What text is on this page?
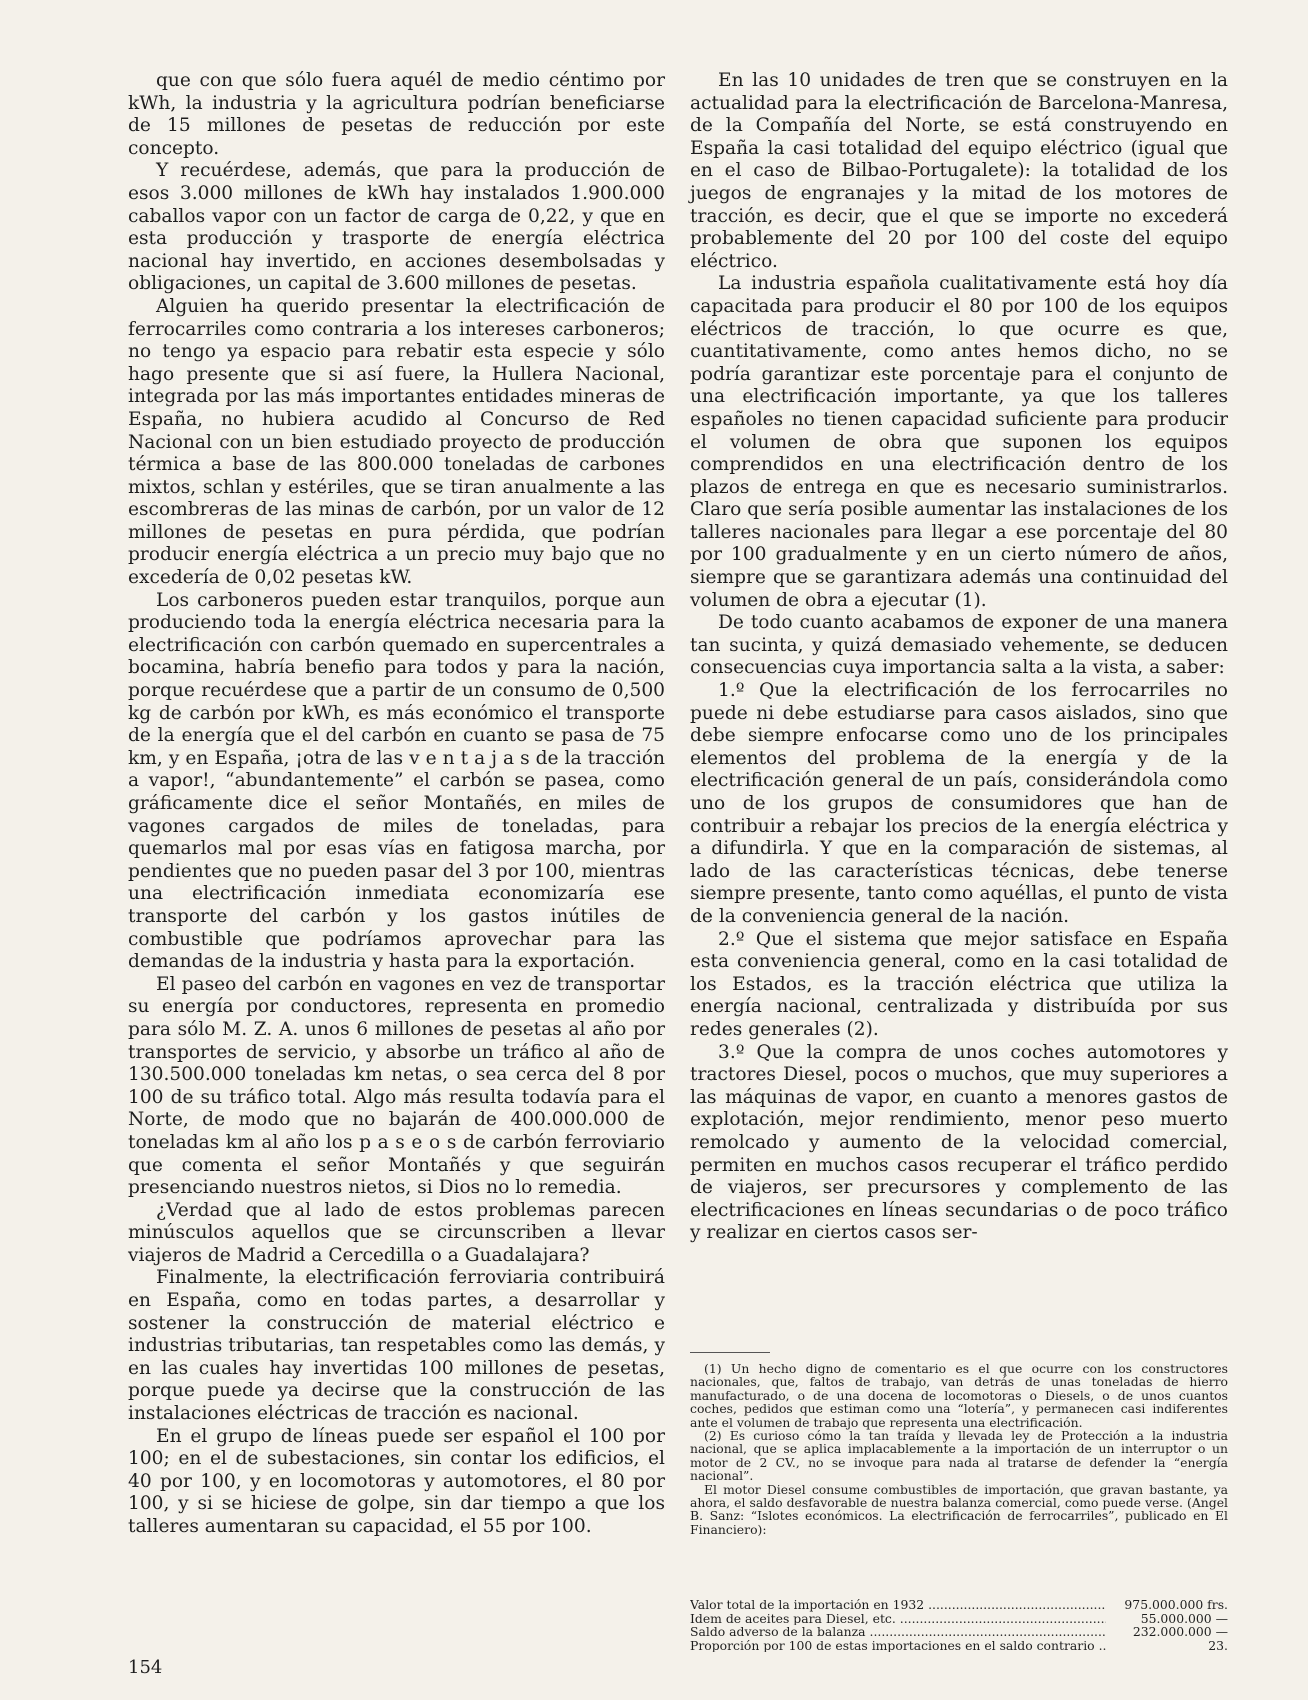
que con que sólo fuera aquél de medio céntimo por kWh, la industria y la agricultura podrían beneficiarse de 15 millones de pesetas de reducción por este concepto.

Y recuérdese, además, que para la producción de esos 3.000 millones de kWh hay instalados 1.900.000 caballos vapor con un factor de carga de 0,22, y que en esta producción y trasporte de energía eléctrica nacional hay invertido, en acciones desembolsadas y obligaciones, un capital de 3.600 millones de pesetas.

Alguien ha querido presentar la electrificación de ferrocarriles como contraria a los intereses carboneros; no tengo ya espacio para rebatir esta especie y sólo hago presente que si así fuere, la Hullera Nacional, integrada por las más importantes entidades mineras de España, no hubiera acudido al Concurso de Red Nacional con un bien estudiado proyecto de producción térmica a base de las 800.000 toneladas de carbones mixtos, schlan y estériles, que se tiran anualmente a las escombreras de las minas de carbón, por un valor de 12 millones de pesetas en pura pérdida, que podrían producir energía eléctrica a un precio muy bajo que no excedería de 0,02 pesetas kW.

Los carboneros pueden estar tranquilos, porque aun produciendo toda la energía eléctrica necesaria para la electrificación con carbón quemado en supercentrales a bocamina, habría benefio para todos y para la nación, porque recuérdese que a partir de un consumo de 0,500 kg de carbón por kWh, es más económico el transporte de la energía que el del carbón en cuanto se pasa de 75 km, y en España, ¡otra de las v e n t a j a s de la tracción a vapor!, “abundantemente” el carbón se pasea, como gráficamente dice el señor Montañés, en miles de vagones cargados de miles de toneladas, para quemarlos mal por esas vías en fatigosa marcha, por pendientes que no pueden pasar del 3 por 100, mientras una electrificación inmediata economizaría ese transporte del carbón y los gastos inútiles de combustible que podríamos aprovechar para las demandas de la industria y hasta para la exportación.

El paseo del carbón en vagones en vez de transportar su energía por conductores, representa en promedio para sólo M. Z. A. unos 6 millones de pesetas al año por transportes de servicio, y absorbe un tráfico al año de 130.500.000 toneladas km netas, o sea cerca del 8 por 100 de su tráfico total. Algo más resulta todavía para el Norte, de modo que no bajarán de 400.000.000 de toneladas km al año los p a s e o s de carbón ferroviario que comenta el señor Montañés y que seguirán presenciando nuestros nietos, si Dios no lo remedia.

¿Verdad que al lado de estos problemas parecen minúsculos aquellos que se circunscriben a llevar viajeros de Madrid a Cercedilla o a Guadalajara?

Finalmente, la electrificación ferroviaria contribuirá en España, como en todas partes, a desarrollar y sostener la construcción de material eléctrico e industrias tributarias, tan respetables como las demás, y en las cuales hay invertidas 100 millones de pesetas, porque puede ya decirse que la construcción de las instalaciones eléctricas de tracción es nacional.

En el grupo de líneas puede ser español el 100 por 100; en el de subestaciones, sin contar los edificios, el 40 por 100, y en locomotoras y automotores, el 80 por 100, y si se hiciese de golpe, sin dar tiempo a que los talleres aumentaran su capacidad, el 55 por 100.

En las 10 unidades de tren que se construyen en la actualidad para la electrificación de Barcelona-Manresa, de la Compañía del Norte, se está construyendo en España la casi totalidad del equipo eléctrico (igual que en el caso de Bilbao-Portugalete): la totalidad de los juegos de engranajes y la mitad de los motores de tracción, es decir, que el que se importe no excederá probablemente del 20 por 100 del coste del equipo eléctrico.

La industria española cualitativamente está hoy día capacitada para producir el 80 por 100 de los equipos eléctricos de tracción, lo que ocurre es que, cuantitativamente, como antes hemos dicho, no se podría garantizar este porcentaje para el conjunto de una electrificación importante, ya que los talleres españoles no tienen capacidad suficiente para producir el volumen de obra que suponen los equipos comprendidos en una electrificación dentro de los plazos de entrega en que es necesario suministrarlos. Claro que sería posible aumentar las instalaciones de los talleres nacionales para llegar a ese porcentaje del 80 por 100 gradualmente y en un cierto número de años, siempre que se garantizara además una continuidad del volumen de obra a ejecutar (1).

De todo cuanto acabamos de exponer de una manera tan sucinta, y quizá demasiado vehemente, se deducen consecuencias cuya importancia salta a la vista, a saber:

1.º Que la electrificación de los ferrocarriles no puede ni debe estudiarse para casos aislados, sino que debe siempre enfocarse como uno de los principales elementos del problema de la energía y de la electrificación general de un país, considerándola como uno de los grupos de consumidores que han de contribuir a rebajar los precios de la energía eléctrica y a difundirla. Y que en la comparación de sistemas, al lado de las características técnicas, debe tenerse siempre presente, tanto como aquéllas, el punto de vista de la conveniencia general de la nación.

2.º Que el sistema que mejor satisface en España esta conveniencia general, como en la casi totalidad de los Estados, es la tracción eléctrica que utiliza la energía nacional, centralizada y distribuída por sus redes generales (2).

3.º Que la compra de unos coches automotores y tractores Diesel, pocos o muchos, que muy superiores a las máquinas de vapor, en cuanto a menores gastos de explotación, mejor rendimiento, menor peso muerto remolcado y aumento de la velocidad comercial, permiten en muchos casos recuperar el tráfico perdido de viajeros, ser precursores y complemento de las electrificaciones en líneas secundarias o de poco tráfico y realizar en ciertos casos ser-

(1) Un hecho digno de comentario es el que ocurre con los constructores nacionales, que, faltos de trabajo, van detrás de unas toneladas de hierro manufacturado, o de una docena de locomotoras o Diesels, o de unos cuantos coches, pedidos que estiman como una “lotería”, y permanecen casi indiferentes ante el volumen de trabajo que representa una electrificación.

(2) Es curioso cómo la tan traída y llevada ley de Protección a la industria nacional, que se aplica implacablemente a la importación de un interruptor o un motor de 2 CV., no se invoque para nada al tratarse de defender la “energía nacional”.

El motor Diesel consume combustibles de importación, que gravan bastante, ya ahora, el saldo desfavorable de nuestra balanza comercial, como puede verse. (Angel B. Sanz: “Islotes económicos. La electrificación de ferrocarriles”, publicado en El Financiero):

Valor total de la importación en 1932 .....	975.000.000 frs.
Idem de aceites para Diesel, etc. .....	55.000.000 —
Saldo adverso de la balanza .....	232.000.000 —
Proporción por 100 de estas importaciones en el saldo contrario .....	23.
154
